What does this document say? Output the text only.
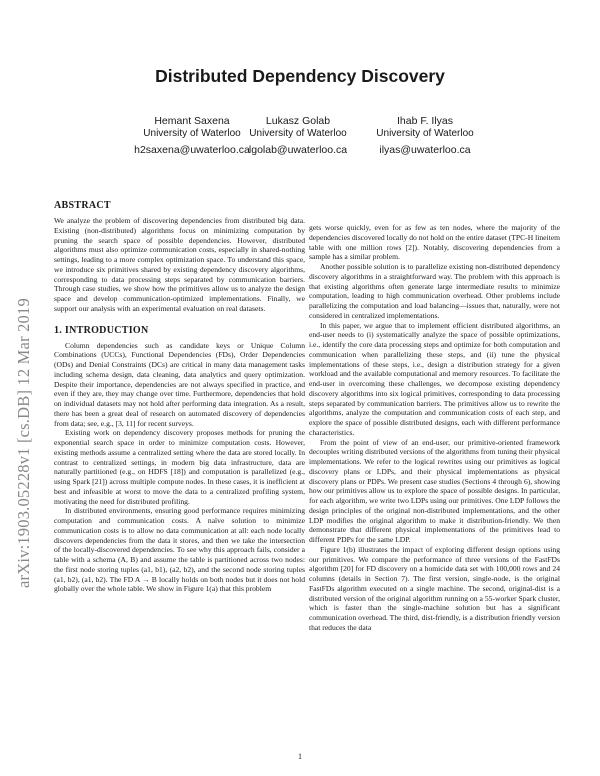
arXiv:1903.05228v1 [cs.DB] 12 Mar 2019
Distributed Dependency Discovery
Hemant Saxena
University of Waterloo
h2saxena@uwaterloo.ca
Lukasz Golab
University of Waterloo
lgolab@uwaterloo.ca
Ihab F. Ilyas
University of Waterloo
ilyas@uwaterloo.ca
ABSTRACT

We analyze the problem of discovering dependencies from distributed big data. Existing (non-distributed) algorithms focus on minimizing computation by pruning the search space of possible dependencies. However, distributed algorithms must also optimize communication costs, especially in shared-nothing settings, leading to a more complex optimization space. To understand this space, we introduce six primitives shared by existing dependency discovery algorithms, corresponding to data processing steps separated by communication barriers. Through case studies, we show how the primitives allow us to analyze the design space and develop communication-optimized implementations. Finally, we support our analysis with an experimental evaluation on real datasets.

1. INTRODUCTION

Column dependencies such as candidate keys or Unique Column Combinations (UCCs), Functional Dependencies (FDs), Order Dependencies (ODs) and Denial Constraints (DCs) are critical in many data management tasks including schema design, data cleaning, data analytics and query optimization. Despite their importance, dependencies are not always specified in practice, and even if they are, they may change over time. Furthermore, dependencies that hold on individual datasets may not hold after performing data integration. As a result, there has been a great deal of research on automated discovery of dependencies from data; see, e.g., [3, 11] for recent surveys.

Existing work on dependency discovery proposes methods for pruning the exponential search space in order to minimize computation costs. However, existing methods assume a centralized setting where the data are stored locally. In contrast to centralized settings, in modern big data infrastructure, data are naturally partitioned (e.g., on HDFS [18]) and computation is parallelized (e.g., using Spark [21]) across multiple compute nodes. In these cases, it is inefficient at best and infeasible at worst to move the data to a centralized profiling system, motivating the need for distributed profiling.

In distributed environments, ensuring good performance requires minimizing computation and communication costs. A naïve solution to minimize communication costs is to allow no data communication at all: each node locally discovers dependencies from the data it stores, and then we take the intersection of the locally-discovered dependencies. To see why this approach fails, consider a table with a schema (A, B) and assume the table is partitioned across two nodes: the first node storing tuples (a1, b1), (a2, b2), and the second node storing tuples (a1, b2), (a1, b2). The FD A → B locally holds on both nodes but it does not hold globally over the whole table. We show in Figure 1(a) that this problem

gets worse quickly, even for as few as ten nodes, where the majority of the dependencies discovered locally do not hold on the entire dataset (TPC-H lineitem table with one million rows [2]). Notably, discovering dependencies from a sample has a similar problem.

Another possible solution is to parallelize existing non-distributed dependency discovery algorithms in a straightforward way. The problem with this approach is that existing algorithms often generate large intermediate results to minimize computation, leading to high communication overhead. Other problems include parallelizing the computation and load balancing—issues that, naturally, were not considered in centralized implementations.

In this paper, we argue that to implement efficient distributed algorithms, an end-user needs to (i) systematically analyze the space of possible optimizations, i.e., identify the core data processing steps and optimize for both computation and communication when parallelizing these steps, and (ii) tune the physical implementations of these steps, i.e., design a distribution strategy for a given workload and the available computational and memory resources. To facilitate the end-user in overcoming these challenges, we decompose existing dependency discovery algorithms into six logical primitives, corresponding to data processing steps separated by communication barriers. The primitives allow us to rewrite the algorithms, analyze the computation and communication costs of each step, and explore the space of possible distributed designs, each with different performance characteristics.

From the point of view of an end-user, our primitive-oriented framework decouples writing distributed versions of the algorithms from tuning their physical implementations. We refer to the logical rewrites using our primitives as logical discovery plans or LDPs, and their physical implementations as physical discovery plans or PDPs. We present case studies (Sections 4 through 6), showing how our primitives allow us to explore the space of possible designs. In particular, for each algorithm, we write two LDPs using our primitives. One LDP follows the design principles of the original non-distributed implementations, and the other LDP modifies the original algorithm to make it distribution-friendly. We then demonstrate that different physical implementations of the primitives lead to different PDPs for the same LDP.

Figure 1(b) illustrates the impact of exploring different design options using our primitives. We compare the performance of three versions of the FastFDs algorithm [20] for FD discovery on a homicide data set with 100,000 rows and 24 columns (details in Section 7). The first version, single-node, is the original FastFDs algorithm executed on a single machine. The second, original-dist is a distributed version of the original algorithm running on a 55-worker Spark cluster, which is faster than the single-machine solution but has a significant communication overhead. The third, dist-friendly, is a distribution friendly version that reduces the data

1
